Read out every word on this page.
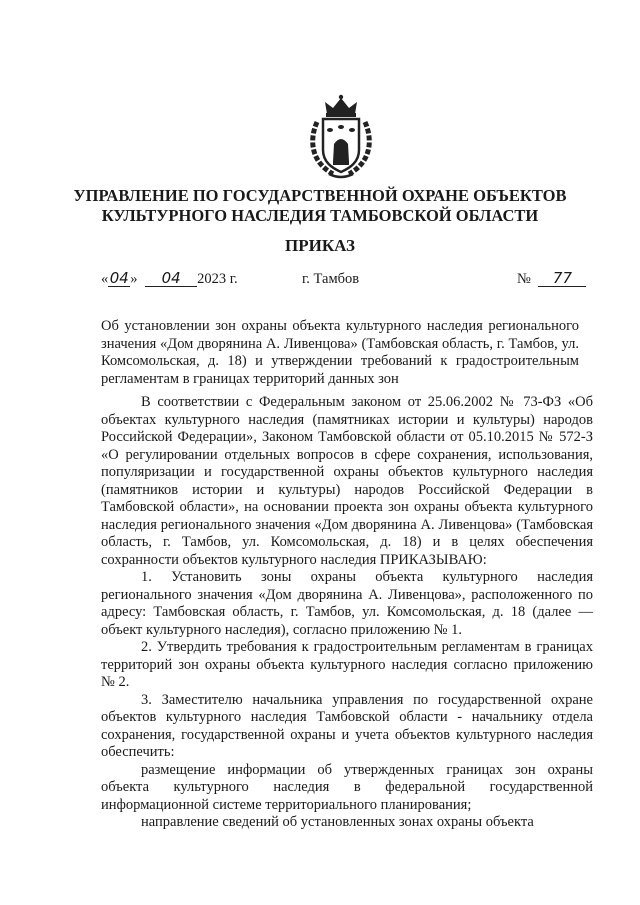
УПРАВЛЕНИЕ ПО ГОСУДАРСТВЕННОЙ ОХРАНЕ ОБЪЕКТОВ
КУЛЬТУРНОГО НАСЛЕДИЯ ТАМБОВСКОЙ ОБЛАСТИ
ПРИКАЗ
«04» 04 2023 г.	г. Тамбов	№ 77
Об установлении зон охраны объекта культурного наследия регионального значения «Дом дворянина А. Ливенцова» (Тамбовская область, г. Тамбов, ул. Комсомольская, д. 18) и утверждении требований к градостроительным регламентам в границах территорий данных зон

В соответствии с Федеральным законом от 25.06.2002 № 73-ФЗ «Об объектах культурного наследия (памятниках истории и культуры) народов Российской Федерации», Законом Тамбовской области от 05.10.2015 № 572-З «О регулировании отдельных вопросов в сфере сохранения, использования, популяризации и государственной охраны объектов культурного наследия (памятников истории и культуры) народов Российской Федерации в Тамбовской области», на основании проекта зон охраны объекта культурного наследия регионального значения «Дом дворянина А. Ливенцова» (Тамбовская область, г. Тамбов, ул. Комсомольская, д. 18) и в целях обеспечения сохранности объектов культурного наследия ПРИКАЗЫВАЮ:

1. Установить зоны охраны объекта культурного наследия регионального значения «Дом дворянина А. Ливенцова», расположенного по адресу: Тамбовская область, г. Тамбов, ул. Комсомольская, д. 18 (далее — объект культурного наследия), согласно приложению № 1.

2. Утвердить требования к градостроительным регламентам в границах территорий зон охраны объекта культурного наследия согласно приложению № 2.

3. Заместителю начальника управления по государственной охране объектов культурного наследия Тамбовской области - начальнику отдела сохранения, государственной охраны и учета объектов культурного наследия обеспечить:

размещение информации об утвержденных границах зон охраны объекта культурного наследия в федеральной государственной информационной системе территориального планирования;

направление сведений об установленных зонах охраны объекта
